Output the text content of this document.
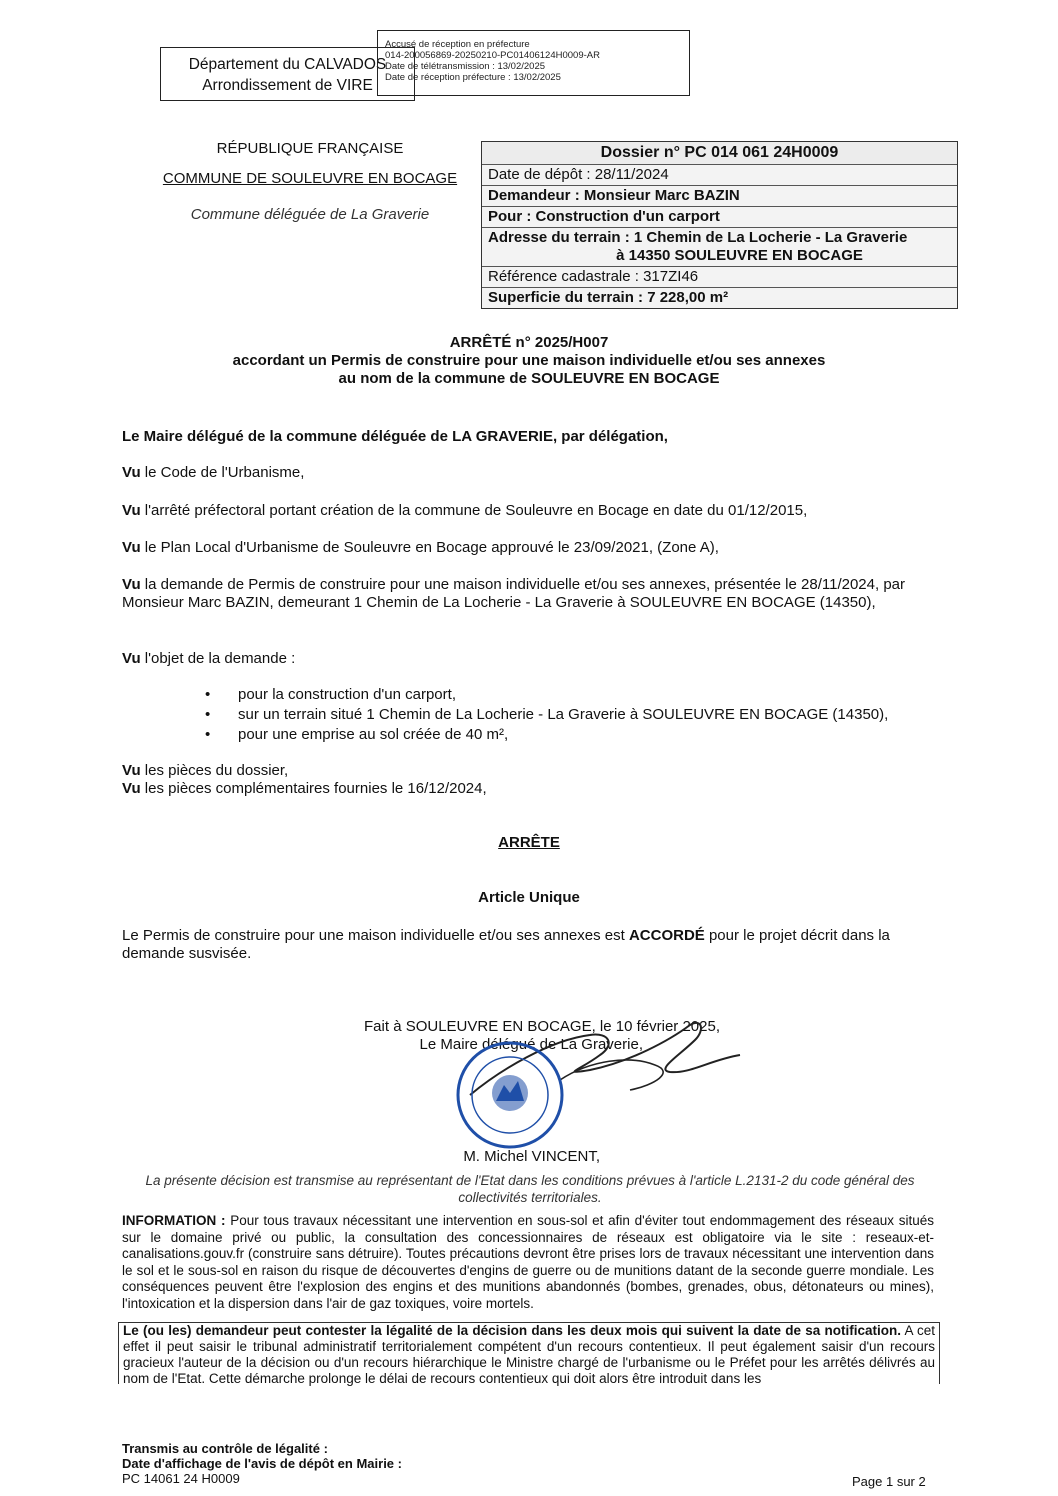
Département du CALVADOS
Arrondissement de VIRE
Accusé de réception en préfecture
014-200056869-20250210-PC01406124H0009-AR
Date de télétransmission : 13/02/2025
Date de réception préfecture : 13/02/2025
RÉPUBLIQUE FRANÇAISE
COMMUNE DE SOULEUVRE EN BOCAGE
Commune déléguée de La Graverie
Dossier n° PC 014 061 24H0009
Date de dépôt : 28/11/2024
Demandeur : Monsieur Marc BAZIN
Pour : Construction d'un carport
Adresse du terrain : 1 Chemin de La Locherie - La Graverie
à 14350 SOULEUVRE EN BOCAGE
Référence cadastrale : 317ZI46
Superficie du terrain : 7 228,00 m²
ARRÊTÉ n° 2025/H007
accordant un Permis de construire pour une maison individuelle et/ou ses annexes
au nom de la commune de SOULEUVRE EN BOCAGE
Le Maire délégué de la commune déléguée de LA GRAVERIE, par délégation,
Vu le Code de l'Urbanisme,
Vu l'arrêté préfectoral portant création de la commune de Souleuvre en Bocage en date du 01/12/2015,
Vu le Plan Local d'Urbanisme de Souleuvre en Bocage approuvé le 23/09/2021, (Zone A),
Vu la demande de Permis de construire pour une maison individuelle et/ou ses annexes, présentée le 28/11/2024, par Monsieur Marc BAZIN, demeurant 1 Chemin de La Locherie - La Graverie à SOULEUVRE EN BOCAGE (14350),
Vu l'objet de la demande :
• pour la construction d'un carport,
• sur un terrain situé 1 Chemin de La Locherie - La Graverie à SOULEUVRE EN BOCAGE (14350),
• pour une emprise au sol créée de 40 m²,
Vu les pièces du dossier,
Vu les pièces complémentaires fournies le 16/12/2024,
ARRÊTE
Article Unique
Le Permis de construire pour une maison individuelle et/ou ses annexes est ACCORDÉ pour le projet décrit dans la demande susvisée.
Fait à SOULEUVRE EN BOCAGE, le 10 février 2025,
Le Maire délégué de La Graverie,
M. Michel VINCENT,
La présente décision est transmise au représentant de l'Etat dans les conditions prévues à l'article L.2131-2 du code général des collectivités territoriales.
INFORMATION : Pour tous travaux nécessitant une intervention en sous-sol et afin d'éviter tout endommagement des réseaux situés sur le domaine privé ou public, la consultation des concessionnaires de réseaux est obligatoire via le site : reseaux-et-canalisations.gouv.fr (construire sans détruire). Toutes précautions devront être prises lors de travaux nécessitant une intervention dans le sol et le sous-sol en raison du risque de découvertes d'engins de guerre ou de munitions datant de la seconde guerre mondiale. Les conséquences peuvent être l'explosion des engins et des munitions abandonnés (bombes, grenades, obus, détonateurs ou mines), l'intoxication et la dispersion dans l'air de gaz toxiques, voire mortels.
Le (ou les) demandeur peut contester la légalité de la décision dans les deux mois qui suivent la date de sa notification. A cet effet il peut saisir le tribunal administratif territorialement compétent d'un recours contentieux. Il peut également saisir d'un recours gracieux l'auteur de la décision ou d'un recours hiérarchique le Ministre chargé de l'urbanisme ou le Préfet pour les arrêtés délivrés au nom de l'Etat. Cette démarche prolonge le délai de recours contentieux qui doit alors être introduit dans les
Transmis au contrôle de légalité :
Date d'affichage de l'avis de dépôt en Mairie :
PC 14061 24 H0009	Page 1 sur 2
